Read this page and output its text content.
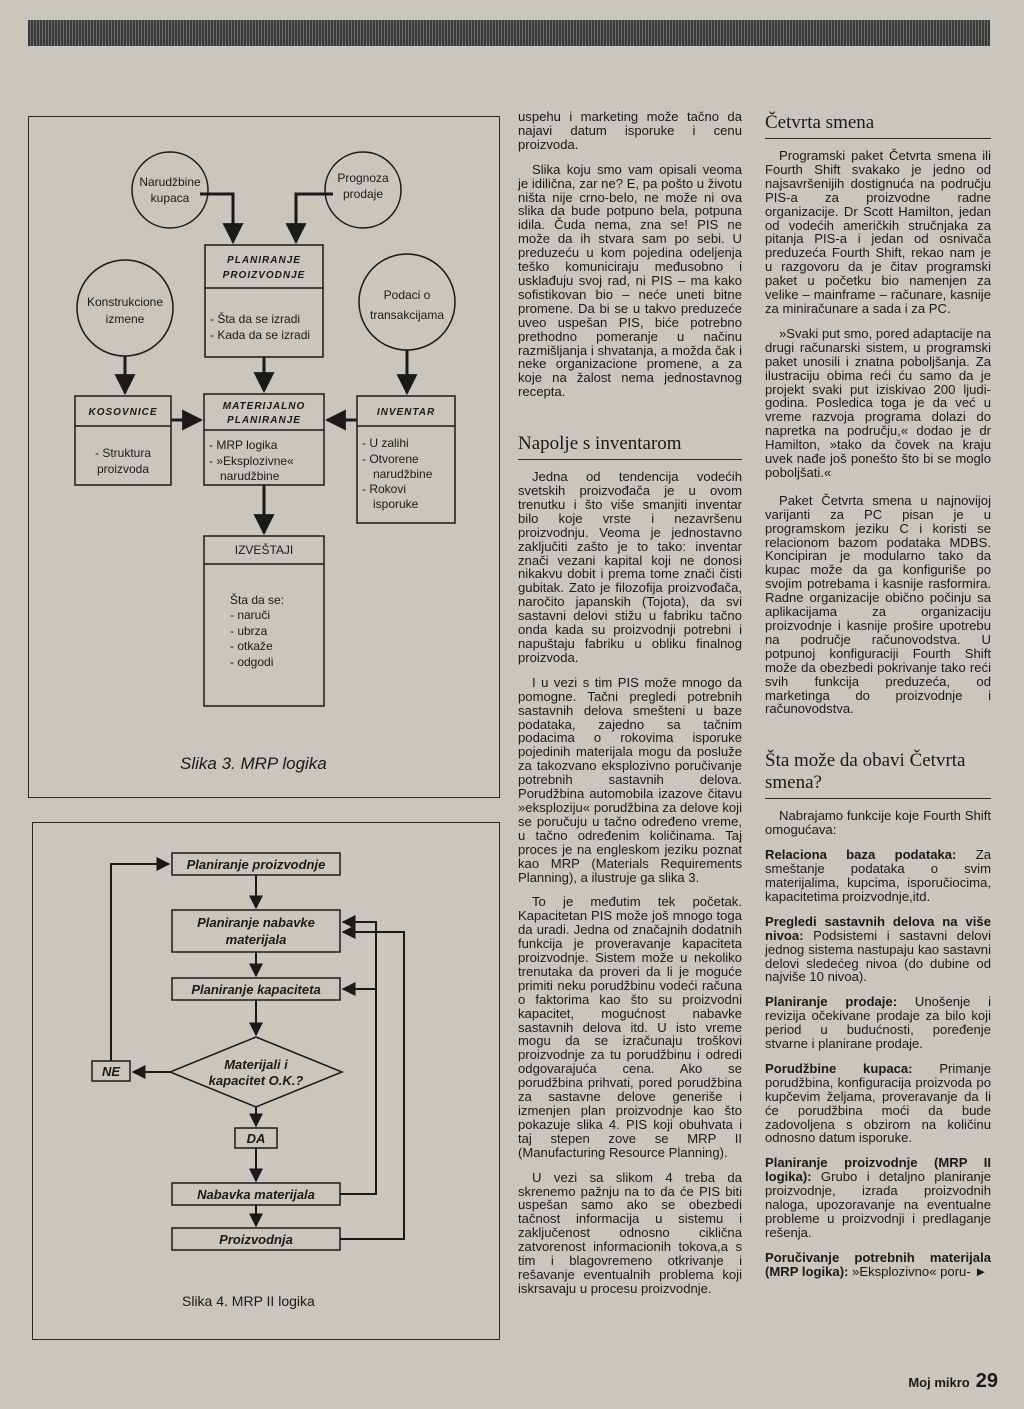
Narudžbine kupaca
Prognoza prodaje
Konstrukcione izmene
Podaci o transakcijama
PLANIRANJE PROIZVODNJE
- Šta da se izradi - Kada da se izradi
KOSOVNICE
- Struktura proizvoda
MATERIJALNO PLANIRANJE
- MRP logika - »Eksplozivne« narudžbine
INVENTAR
- U zalihi - Otvorene narudžbine - Rokovi isporuke
IZVEŠTAJI
Šta da se: - naruči - ubrza - otkaže - odgodi
Slika 3. MRP logika
Planiranje proizvodnje
Planiranje nabavke materijala
Planiranje kapaciteta
Materijali i kapacitet O.K.?
NE
DA
Nabavka materijala
Proizvodnja
Slika 4. MRP II logika

uspehu i marketing može tačno da najavi datum isporuke i cenu proizvoda.

Slika koju smo vam opisali veoma je idilična, zar ne? E, pa pošto u životu ništa nije crno-belo, ne može ni ova slika da bude potpuno bela, potpuna idila. Čuda nema, zna se! PIS ne može da ih stvara sam po sebi. U preduzeću u kom pojedina odeljenja teško komuniciraju međusobno i usklađuju svoj rad, ni PIS – ma kako sofistikovan bio – neće uneti bitne promene. Da bi se u takvo preduzeće uveo uspešan PIS, biće potrebno prethodno pomeranje u načinu razmišljanja i shvatanja, a možda čak i neke organizacione promene, a za koje na žalost nema jednostavnog recepta.

Napolje s inventarom

Jedna od tendencija vodećih svetskih proizvođača je u ovom trenutku i što više smanjiti inventar bilo koje vrste i nezavršenu proizvodnju. Veoma je jednostavno zaključiti zašto je to tako: inventar znači vezani kapital koji ne donosi nikakvu dobit i prema tome znači čisti gubitak. Zato je filozofija proizvođača, naročito japanskih (Tojota), da svi sastavni delovi stižu u fabriku tačno onda kada su proizvodnji potrebni i napuštaju fabriku u obliku finalnog proizvoda.

I u vezi s tim PIS može mnogo da pomogne. Tačni pregledi potrebnih sastavnih delova smešteni u baze podataka, zajedno sa tačnim podacima o rokovima isporuke pojedinih materijala mogu da posluže za takozvano eksplozivno poručivanje potrebnih sastavnih delova. Porudžbina automobila izazove čitavu »eksploziju« porudžbina za delove koji se poručuju u tačno određeno vreme, u tačno određenim količinama. Taj proces je na engleskom jeziku poznat kao MRP (Materials Requirements Planning), a ilustruje ga slika 3.

To je međutim tek početak. Kapacitetan PIS može još mnogo toga da uradi. Jedna od značajnih dodatnih funkcija je proveravanje kapaciteta proizvodnje. Sistem može u nekoliko trenutaka da proveri da li je moguće primiti neku porudžbinu vodeći računa o faktorima kao što su proizvodni kapacitet, mogućnost nabavke sastavnih delova itd. U isto vreme mogu da se izračunaju troškovi proizvodnje za tu porudžbinu i odredi odgovarajuća cena. Ako se porudžbina prihvati, pored porudžbina za sastavne delove generiše i izmenjen plan proizvodnje kao što pokazuje slika 4. PIS koji obuhvata i taj stepen zove se MRP II (Manufacturing Resource Planning).

U vezi sa slikom 4 treba da skrenemo pažnju na to da će PIS biti uspešan samo ako se obezbedi tačnost informacija u sistemu i zaključenost odnosno ciklična zatvorenost informacionih tokova,a s tim i blagovremeno otkrivanje i rešavanje eventualnih problema koji iskrsavaju u procesu proizvodnje.

Četvrta smena

Programski paket Četvrta smena ili Fourth Shift svakako je jedno od najsavršenijih dostignuća na području PIS-a za proizvodne radne organizacije. Dr Scott Hamilton, jedan od vodećih američkih stručnjaka za pitanja PIS-a i jedan od osnivača preduzeća Fourth Shift, rekao nam je u razgovoru da je čitav programski paket u početku bio namenjen za velike – mainframe – računare, kasnije za miniračunare a sada i za PC.

»Svaki put smo, pored adaptacije na drugi računarski sistem, u programski paket unosili i znatna poboljšanja. Za ilustraciju obima reći ću samo da je projekt svaki put iziskivao 200 ljudi-godina. Posledica toga je da već u vreme razvoja programa dolazi do napretka na području,« dodao je dr Hamilton, »tako da čovek na kraju uvek nađe još ponešto što bi se moglo poboljšati.«

Paket Četvrta smena u najnovijoj varijanti za PC pisan je u programskom jeziku C i koristi se relacionom bazom podataka MDBS. Koncipiran je modularno tako da kupac može da ga konfiguriše po svojim potrebama i kasnije rasformira. Radne organizacije obično počinju sa aplikacijama za organizaciju proizvodnje i kasnije proširе upotrebu na područje računovodstva. U potpunoj konfiguraciji Fourth Shift može da obezbedi pokrivanje tako reći svih funkcija preduzeća, od marketinga do proizvodnje i računovodstva.

Šta može da obavi Četvrta smena?

Nabrajamo funkcije koje Fourth Shift omogućava:

Relaciona baza podataka: Za smeštanje podataka o svim materijalima, kupcima, isporučiocima, kapacitetima proizvodnje,itd.

Pregledi sastavnih delova na više nivoa: Podsistemi i sastavni delovi jednog sistema nastupaju kao sastavni delovi sledećeg nivoa (do dubine od najviše 10 nivoa).

Planiranje prodaje: Unošenje i revizija očekivane prodaje za bilo koji period u budućnosti, poređenje stvarne i planirane prodaje.

Porudžbine kupaca: Primanje porudžbina, konfiguracija proizvoda po kupčevim željama, proveravanje da li će porudžbina moći da bude zadovoljena s obzirom na količinu odnosno datum isporuke.

Planiranje proizvodnje (MRP II logika): Grubo i detaljno planiranje proizvodnje, izrada proizvodnih naloga, upozoravanje na eventualne probleme u proizvodnji i predlaganje rešenja.

Poručivanje potrebnih materijala (MRP logika): »Eksplozivno« poru- ►

Moj mikro 29
